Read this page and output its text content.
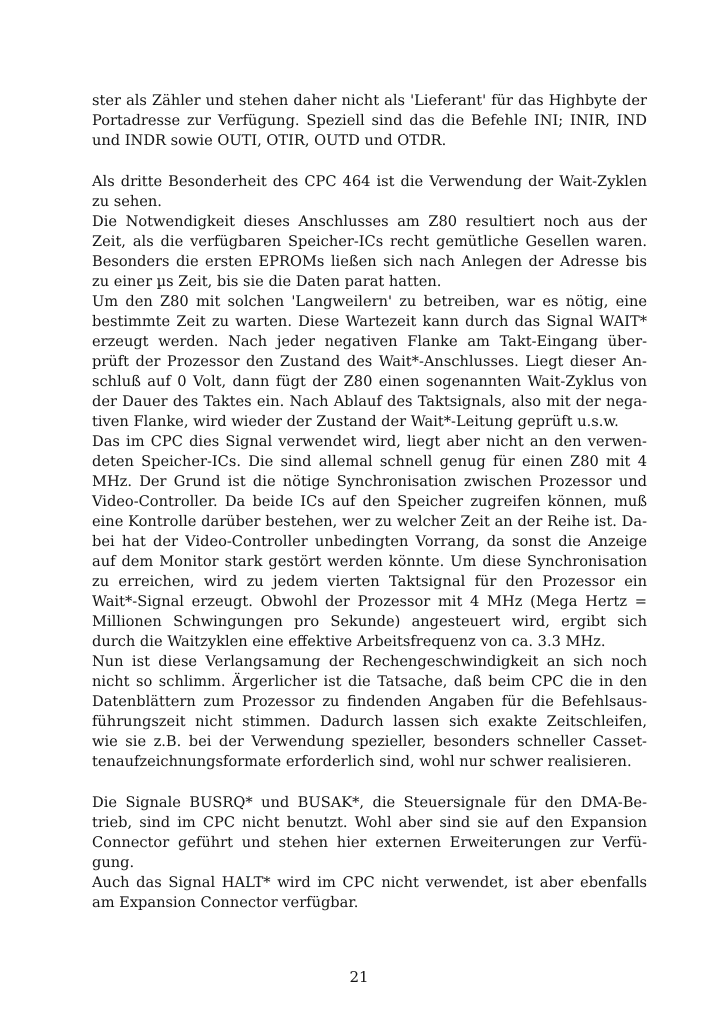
ster als Zähler und stehen daher nicht als 'Lieferant' für das Highbyte der
Portadresse zur Verfügung. Speziell sind das die Befehle INI; INIR, IND
und INDR sowie OUTI, OTIR, OUTD und OTDR.
Als dritte Besonderheit des CPC 464 ist die Verwendung der Wait-Zyklen
zu sehen.
Die Notwendigkeit dieses Anschlusses am Z80 resultiert noch aus der
Zeit, als die verfügbaren Speicher-ICs recht gemütliche Gesellen waren.
Besonders die ersten EPROMs ließen sich nach Anlegen der Adresse bis
zu einer µs Zeit, bis sie die Daten parat hatten.
Um den Z80 mit solchen 'Langweilern' zu betreiben, war es nötig, eine
bestimmte Zeit zu warten. Diese Wartezeit kann durch das Signal WAIT*
erzeugt werden. Nach jeder negativen Flanke am Takt-Eingang über-
prüft der Prozessor den Zustand des Wait*-Anschlusses. Liegt dieser An-
schluß auf 0 Volt, dann fügt der Z80 einen sogenannten Wait-Zyklus von
der Dauer des Taktes ein. Nach Ablauf des Taktsignals, also mit der nega-
tiven Flanke, wird wieder der Zustand der Wait*-Leitung geprüft u.s.w.
Das im CPC dies Signal verwendet wird, liegt aber nicht an den verwen-
deten Speicher-ICs. Die sind allemal schnell genug für einen Z80 mit 4
MHz. Der Grund ist die nötige Synchronisation zwischen Prozessor und
Video-Controller. Da beide ICs auf den Speicher zugreifen können, muß
eine Kontrolle darüber bestehen, wer zu welcher Zeit an der Reihe ist. Da-
bei hat der Video-Controller unbedingten Vorrang, da sonst die Anzeige
auf dem Monitor stark gestört werden könnte. Um diese Synchronisation
zu erreichen, wird zu jedem vierten Taktsignal für den Prozessor ein
Wait*-Signal erzeugt. Obwohl der Prozessor mit 4 MHz (Mega Hertz =
Millionen Schwingungen pro Sekunde) angesteuert wird, ergibt sich
durch die Waitzyklen eine effektive Arbeitsfrequenz von ca. 3.3 MHz.
Nun ist diese Verlangsamung der Rechengeschwindigkeit an sich noch
nicht so schlimm. Ärgerlicher ist die Tatsache, daß beim CPC die in den
Datenblättern zum Prozessor zu findenden Angaben für die Befehlsaus-
führungszeit nicht stimmen. Dadurch lassen sich exakte Zeitschleifen,
wie sie z.B. bei der Verwendung spezieller, besonders schneller Casset-
tenaufzeichnungsformate erforderlich sind, wohl nur schwer realisieren.
Die Signale BUSRQ* und BUSAK*, die Steuersignale für den DMA-Be-
trieb, sind im CPC nicht benutzt. Wohl aber sind sie auf den Expansion
Connector geführt und stehen hier externen Erweiterungen zur Verfü-
gung.
Auch das Signal HALT* wird im CPC nicht verwendet, ist aber ebenfalls
am Expansion Connector verfügbar.
21
